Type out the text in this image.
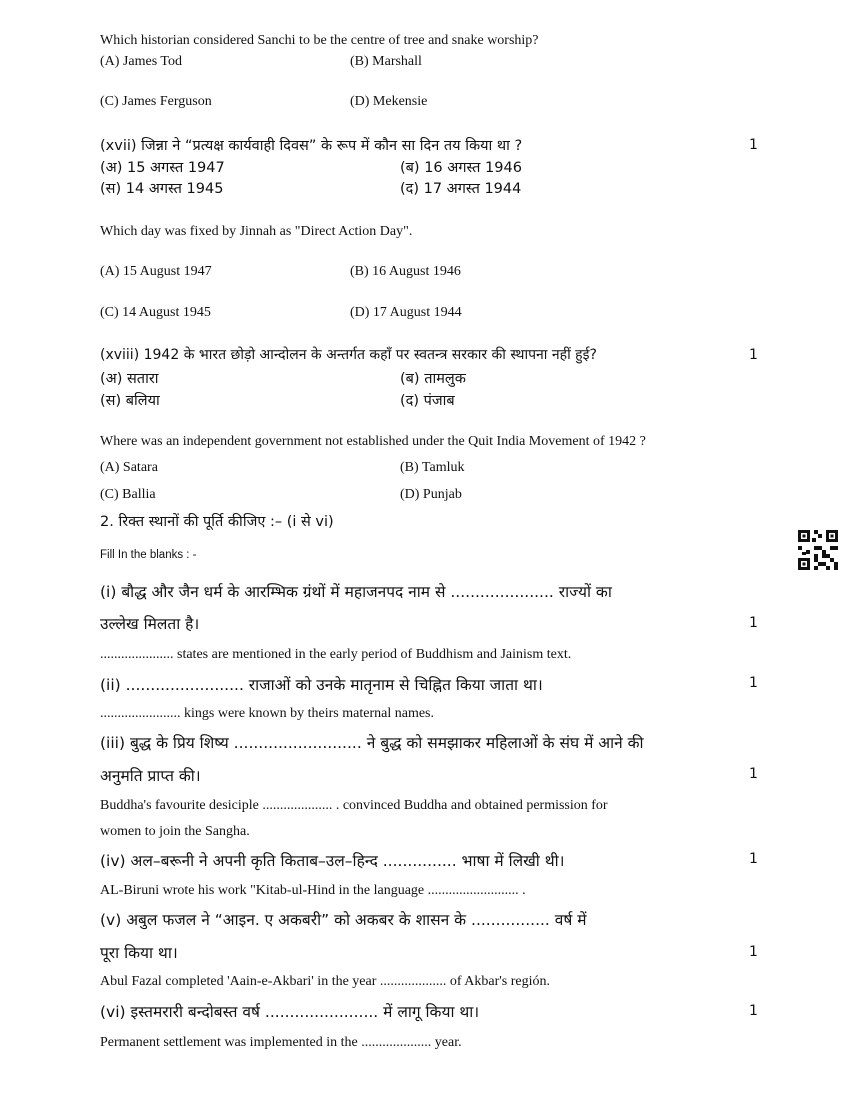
Which historian considered Sanchi to be the centre of tree and snake worship?
(A) James Tod	(B) Marshall
(C) James Ferguson	(D) Mekensie
(xvii) जिन्ना ने “प्रत्यक्ष कार्यवाही दिवस” के रूप में कौन सा दिन तय किया था ?	1
(अ) 15 अगस्त 1947	(ब) 16 अगस्त 1946
(स) 14 अगस्त 1945	(द) 17 अगस्त 1944
Which day was fixed by Jinnah as "Direct Action Day".
(A) 15 August 1947	(B) 16 August 1946
(C) 14 August 1945	(D) 17 August 1944
(xviii) 1942 के भारत छोड़ो आन्दोलन के अन्तर्गत कहाँ पर स्वतन्त्र सरकार की स्थापना नहीं हुई?	1
(अ) सतारा	(ब) तामलुक
(स) बलिया	(द) पंजाब
Where was an independent government not established under the Quit India Movement of 1942 ?
(A) Satara	(B) Tamluk
(C) Ballia	(D) Punjab
2. रिक्त स्थानों की पूर्ति कीजिए :– (i से vi)
Fill In the blanks : -
(i) बौद्ध और जैन धर्म के आरम्भिक ग्रंथों में महाजनपद नाम से ..................... राज्यों का
उल्लेख मिलता है।	1
..................... states are mentioned in the early period of Buddhism and Jainism text.
(ii) ........................ राजाओं को उनके मातृनाम से चिह्नित किया जाता था।	1
....................... kings were known by theirs maternal names.
(iii) बुद्ध के प्रिय शिष्य .......................... ने बुद्ध को समझाकर महिलाओं के संघ में आने की
अनुमति प्राप्त की।	1
Buddha's favourite desiciple .................... . convinced Buddha and obtained permission for
women to join the Sangha.
(iv) अल–बरूनी ने अपनी कृति किताब–उल–हिन्द ............... भाषा में लिखी थी।	1
AL-Biruni wrote his work "Kitab-ul-Hind in the language .......................... .
(v) अबुल फजल ने “आइन. ए अकबरी” को अकबर के शासन के ................ वर्ष में
पूरा किया था।	1
Abul Fazal completed 'Aain-e-Akbari' in the year ................... of Akbar's región.
(vi) इस्तमरारी बन्दोबस्त वर्ष ....................... में लागू किया था।	1
Permanent settlement was implemented in the .................... year.
